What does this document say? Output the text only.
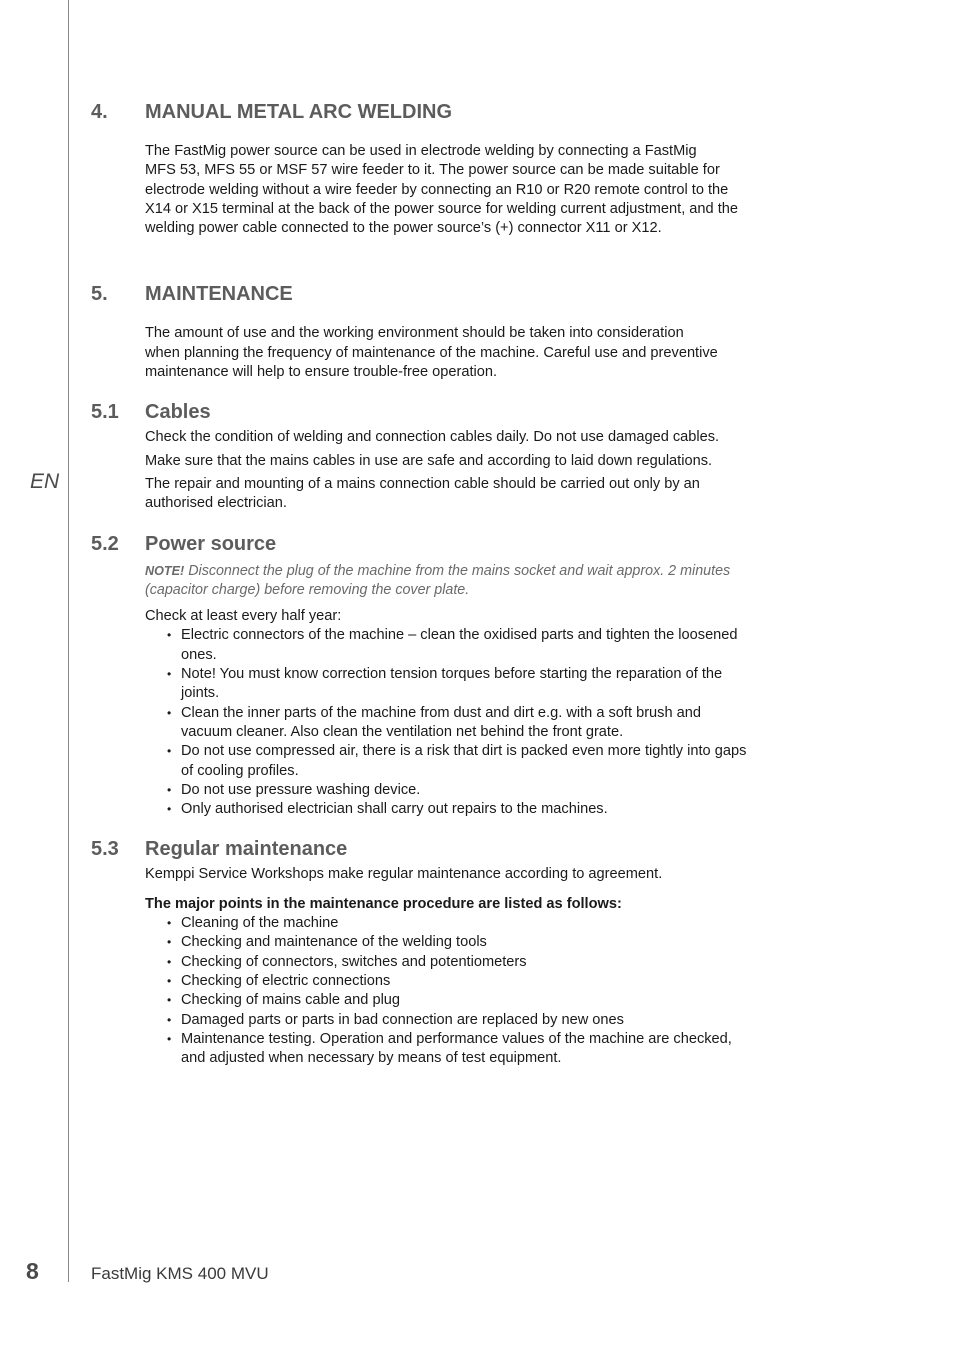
EN
4.	MANUAL METAL ARC WELDING
The FastMig power source can be used in electrode welding by connecting a FastMig
MFS 53, MFS 55 or MSF 57 wire feeder to it. The power source can be made suitable for
electrode welding without a wire feeder by connecting an R10 or R20 remote control to the
X14 or X15 terminal at the back of the power source for welding current adjustment, and the
welding power cable connected to the power source’s (+) connector X11 or X12.
5.	MAINTENANCE
The amount of use and the working environment should be taken into consideration
when planning the frequency of maintenance of the machine. Careful use and preventive
maintenance will help to ensure trouble-free operation.
5.1	Cables
Check the condition of welding and connection cables daily. Do not use damaged cables.
Make sure that the mains cables in use are safe and according to laid down regulations.
The repair and mounting of a mains connection cable should be carried out only by an
authorised electrician.
5.2	Power source
NOTE! Disconnect the plug of the machine from the mains socket and wait approx. 2 minutes
(capacitor charge) before removing the cover plate.
Check at least every half year:
• Electric connectors of the machine – clean the oxidised parts and tighten the loosened
ones.
• Note! You must know correction tension torques before starting the reparation of the
joints.
• Clean the inner parts of the machine from dust and dirt e.g. with a soft brush and
vacuum cleaner. Also clean the ventilation net behind the front grate.
• Do not use compressed air, there is a risk that dirt is packed even more tightly into gaps
of cooling profiles.
• Do not use pressure washing device.
• Only authorised electrician shall carry out repairs to the machines.
5.3	Regular maintenance
Kemppi Service Workshops make regular maintenance according to agreement.
The major points in the maintenance procedure are listed as follows:
• Cleaning of the machine
• Checking and maintenance of the welding tools
• Checking of connectors, switches and potentiometers
• Checking of electric connections
• Checking of mains cable and plug
• Damaged parts or parts in bad connection are replaced by new ones
• Maintenance testing. Operation and performance values of the machine are checked,
and adjusted when necessary by means of test equipment.
8	FastMig KMS 400 MVU
